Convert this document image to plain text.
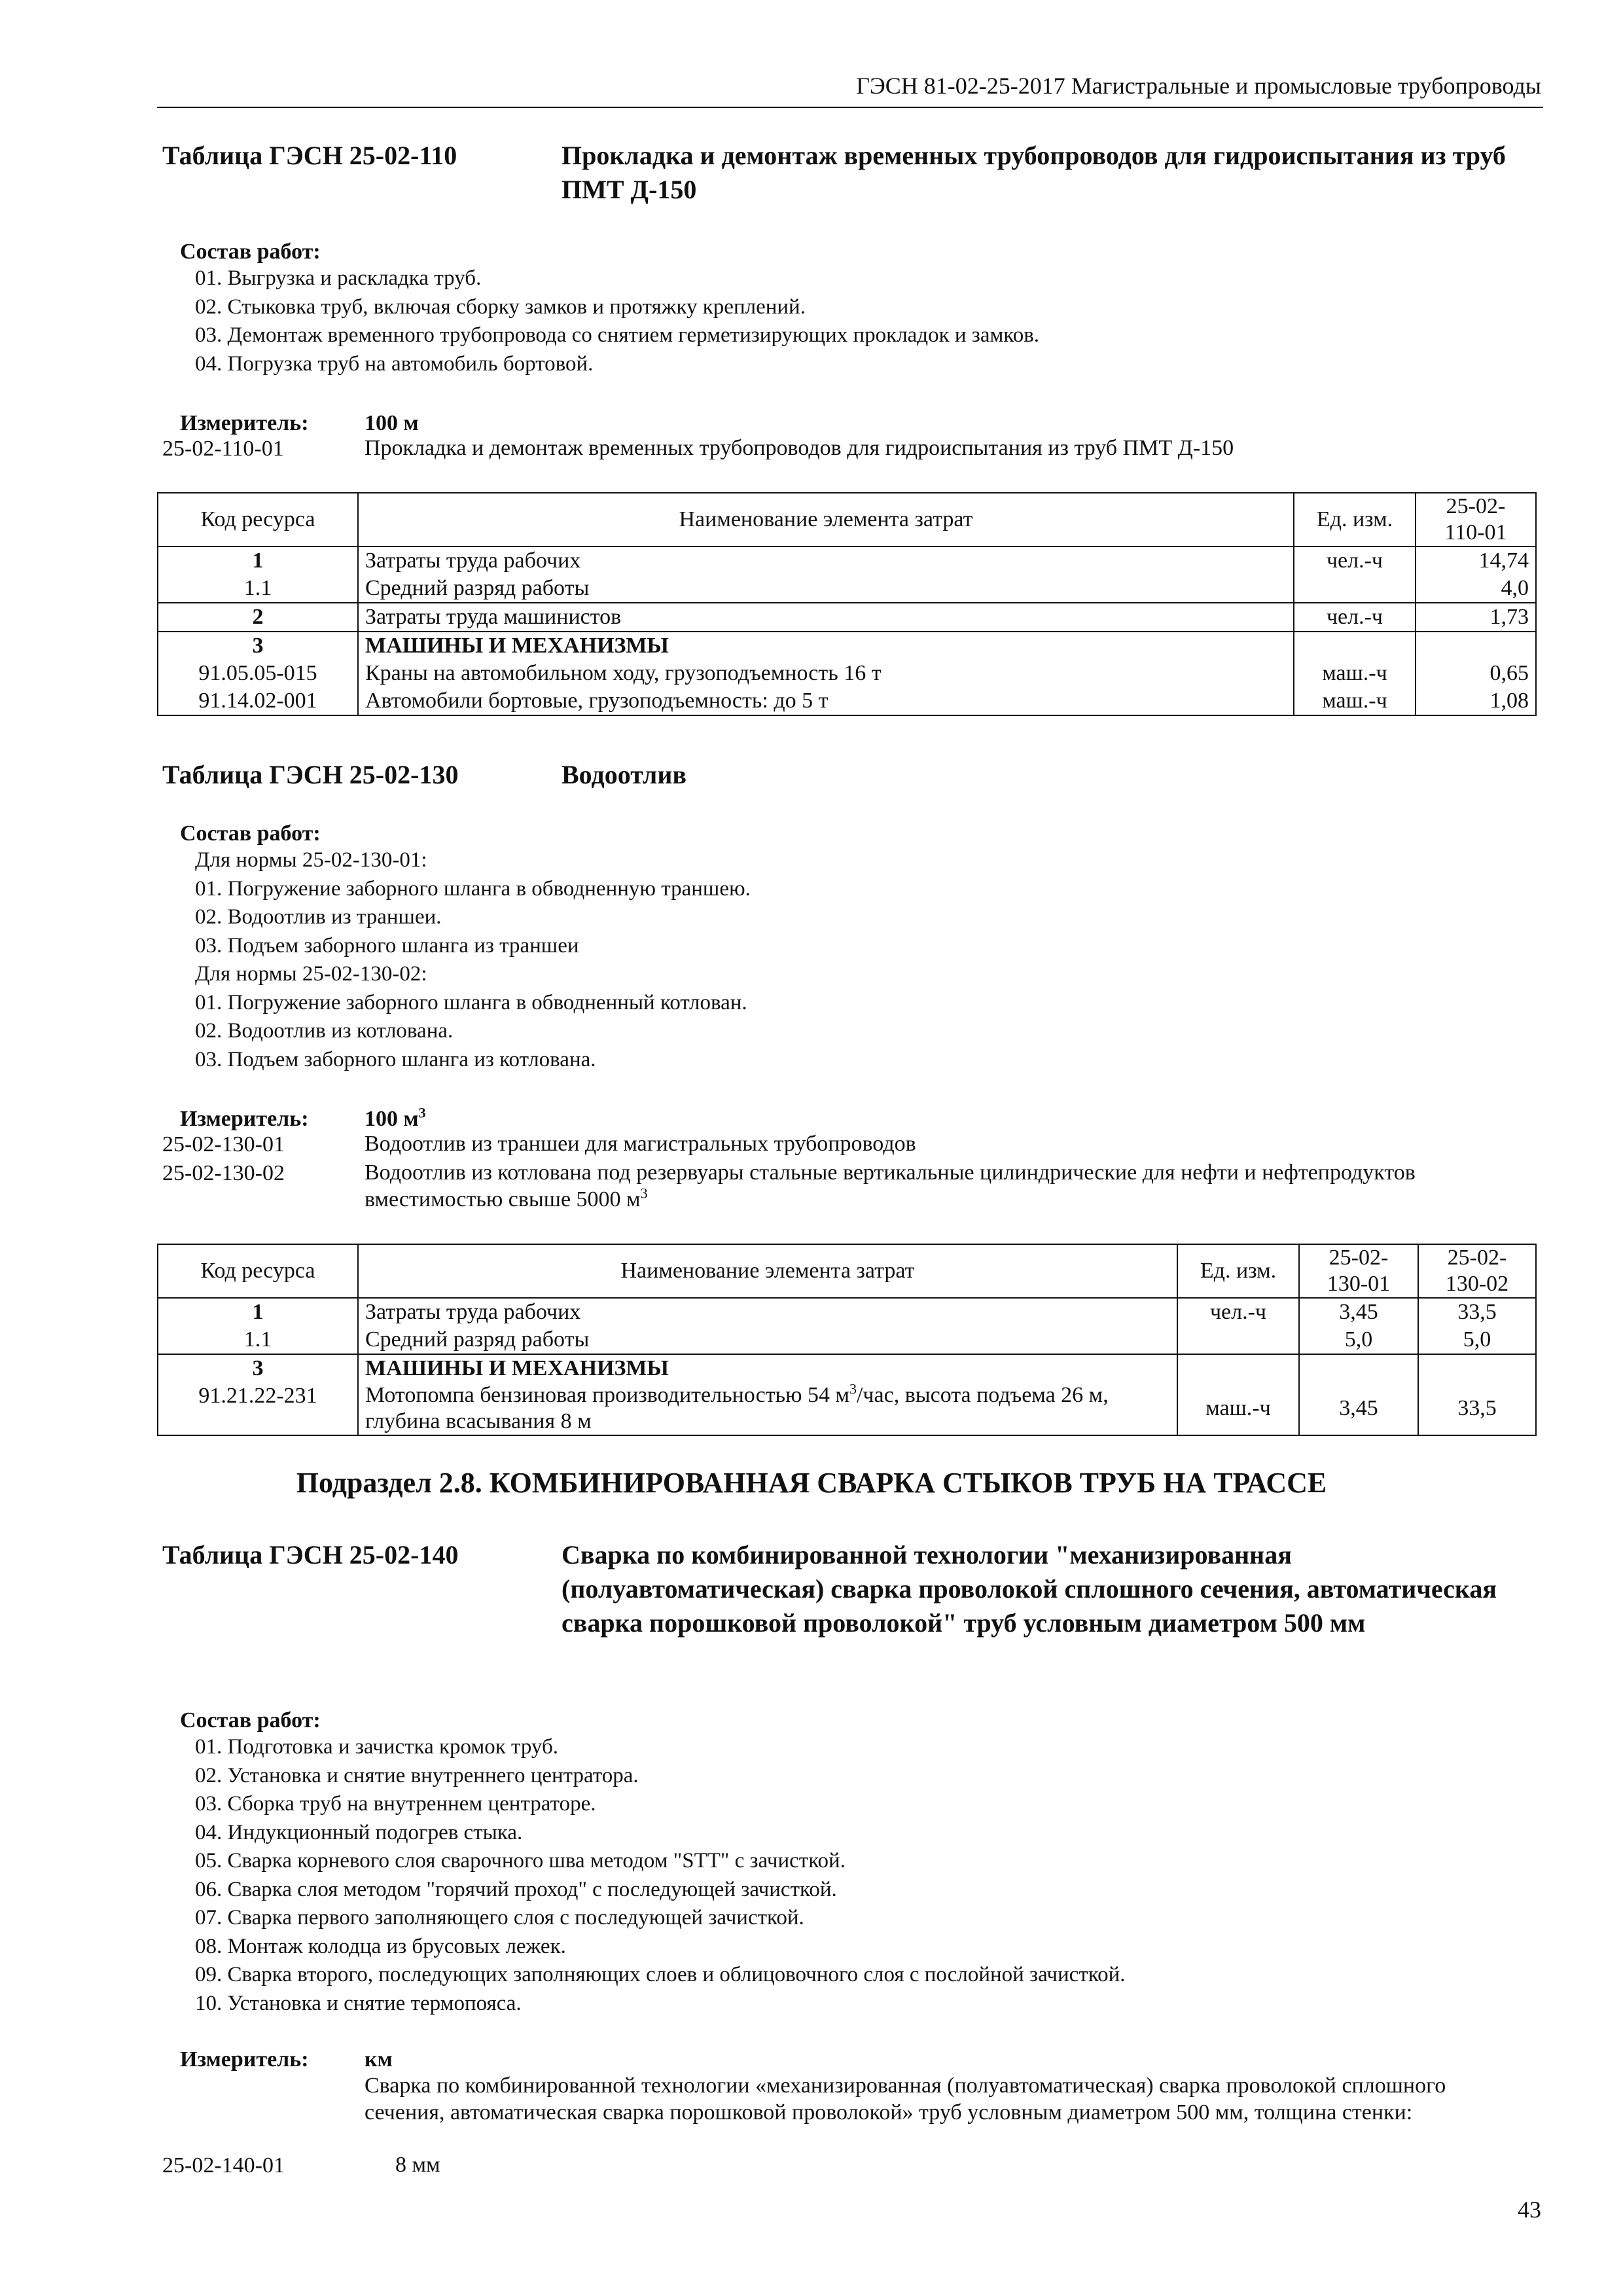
ГЭСН 81-02-25-2017 Магистральные и промысловые трубопроводы
Таблица ГЭСН 25-02-110	Прокладка и демонтаж временных трубопроводов для гидроиспытания из труб ПМТ Д-150
Состав работ:
01. Выгрузка и раскладка труб.
02. Стыковка труб, включая сборку замков и протяжку креплений.
03. Демонтаж временного трубопровода со снятием герметизирующих прокладок и замков.
04. Погрузка труб на автомобиль бортовой.
Измеритель:	100 м
25-02-110-01	Прокладка и демонтаж временных трубопроводов для гидроиспытания из труб ПМТ Д-150
Код ресурса	Наименование элемента затрат	Ед. изм.	25-02-
110-01
1	Затраты труда рабочих	чел.-ч	14,74
1.1	Средний разряд работы		4,0
2	Затраты труда машинистов	чел.-ч	1,73
3	МАШИНЫ И МЕХАНИЗМЫ		
91.05.05-015	Краны на автомобильном ходу, грузоподъемность 16 т	маш.-ч	0,65
91.14.02-001	Автомобили бортовые, грузоподъемность: до 5 т	маш.-ч	1,08
Таблица ГЭСН 25-02-130	Водоотлив
Состав работ:
Для нормы 25-02-130-01:
01. Погружение заборного шланга в обводненную траншею.
02. Водоотлив из траншеи.
03. Подъем заборного шланга из траншеи
Для нормы 25-02-130-02:
01. Погружение заборного шланга в обводненный котлован.
02. Водоотлив из котлована.
03. Подъем заборного шланга из котлована.
Измеритель:	100 $м^3$
25-02-130-01	Водоотлив из траншеи для магистральных трубопроводов
25-02-130-02	Водоотлив из котлована под резервуары стальные вертикальные цилиндрические для нефти и нефтепродуктов вместимостью свыше 5000 $м^3$
Код ресурса	Наименование элемента затрат	Ед. изм.	25-02-
130-01	25-02-
130-02
1	Затраты труда рабочих	чел.-ч	3,45	33,5
1.1	Средний разряд работы		5,0	5,0
3	МАШИНЫ И МЕХАНИЗМЫ			
91.21.22-231	Мотопомпа бензиновая производительностью 54 $м^3$/час, высота подъема 26 м, глубина всасывания 8 м	маш.-ч	3,45	33,5
Подраздел 2.8. КОМБИНИРОВАННАЯ СВАРКА СТЫКОВ ТРУБ НА ТРАССЕ
Таблица ГЭСН 25-02-140	Сварка по комбинированной технологии "механизированная (полуавтоматическая) сварка проволокой сплошного сечения, автоматическая сварка порошковой проволокой" труб условным диаметром 500 мм
Состав работ:
01. Подготовка и зачистка кромок труб.
02. Установка и снятие внутреннего центратора.
03. Сборка труб на внутреннем центраторе.
04. Индукционный подогрев стыка.
05. Сварка корневого слоя сварочного шва методом "STT" с зачисткой.
06. Сварка слоя методом "горячий проход" с последующей зачисткой.
07. Сварка первого заполняющего слоя с последующей зачисткой.
08. Монтаж колодца из брусовых лежек.
09. Сварка второго, последующих заполняющих слоев и облицовочного слоя с послойной зачисткой.
10. Установка и снятие термопояса.
Измеритель:	км
Сварка по комбинированной технологии «механизированная (полуавтоматическая) сварка проволокой сплошного сечения, автоматическая сварка порошковой проволокой» труб условным диаметром 500 мм, толщина стенки:
25-02-140-01	8 мм
43
